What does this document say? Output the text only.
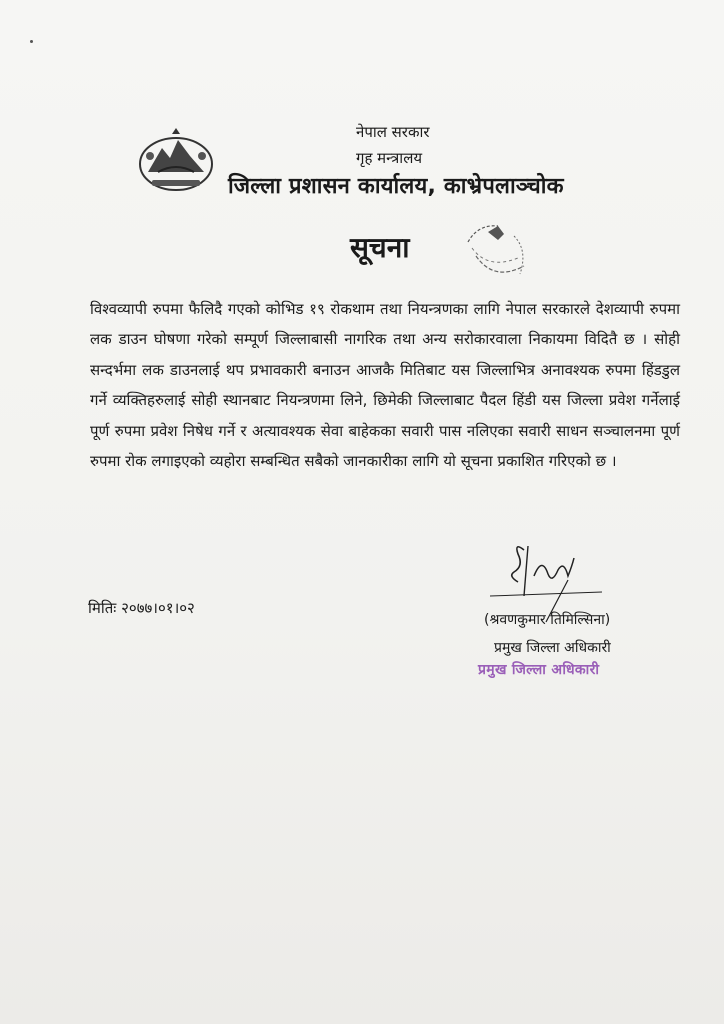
नेपाल सरकार
गृह मन्त्रालय
जिल्ला प्रशासन कार्यालय, काभ्रेपलाञ्चोक
सूचना
विश्वव्यापी रुपमा फैलिदै गएको कोभिड १९ रोकथाम तथा नियन्त्रणका लागि नेपाल सरकारले देशव्यापी रुपमा लक डाउन घोषणा गरेको सम्पूर्ण जिल्लाबासी नागरिक तथा अन्य सरोकारवाला निकायमा विदितै छ । सोही सन्दर्भमा लक डाउनलाई थप प्रभावकारी बनाउन आजकै मितिबाट यस जिल्लाभित्र अनावश्यक रुपमा हिंडडुल गर्ने व्यक्तिहरुलाई सोही स्थानबाट नियन्त्रणमा लिने, छिमेकी जिल्लाबाट पैदल हिंडी यस जिल्ला प्रवेश गर्नेलाई पूर्ण रुपमा प्रवेश निषेध गर्ने र अत्यावश्यक सेवा बाहेकका सवारी पास नलिएका सवारी साधन सञ्चालनमा पूर्ण रुपमा रोक लगाइएको व्यहोरा सम्बन्धित सबैको जानकारीका लागि यो सूचना प्रकाशित गरिएको छ ।
मितिः २०७७।०१।०२
(श्रवणकुमार तिमिल्सिना)
प्रमुख जिल्ला अधिकारी
प्रमुख जिल्ला अधिकारी
